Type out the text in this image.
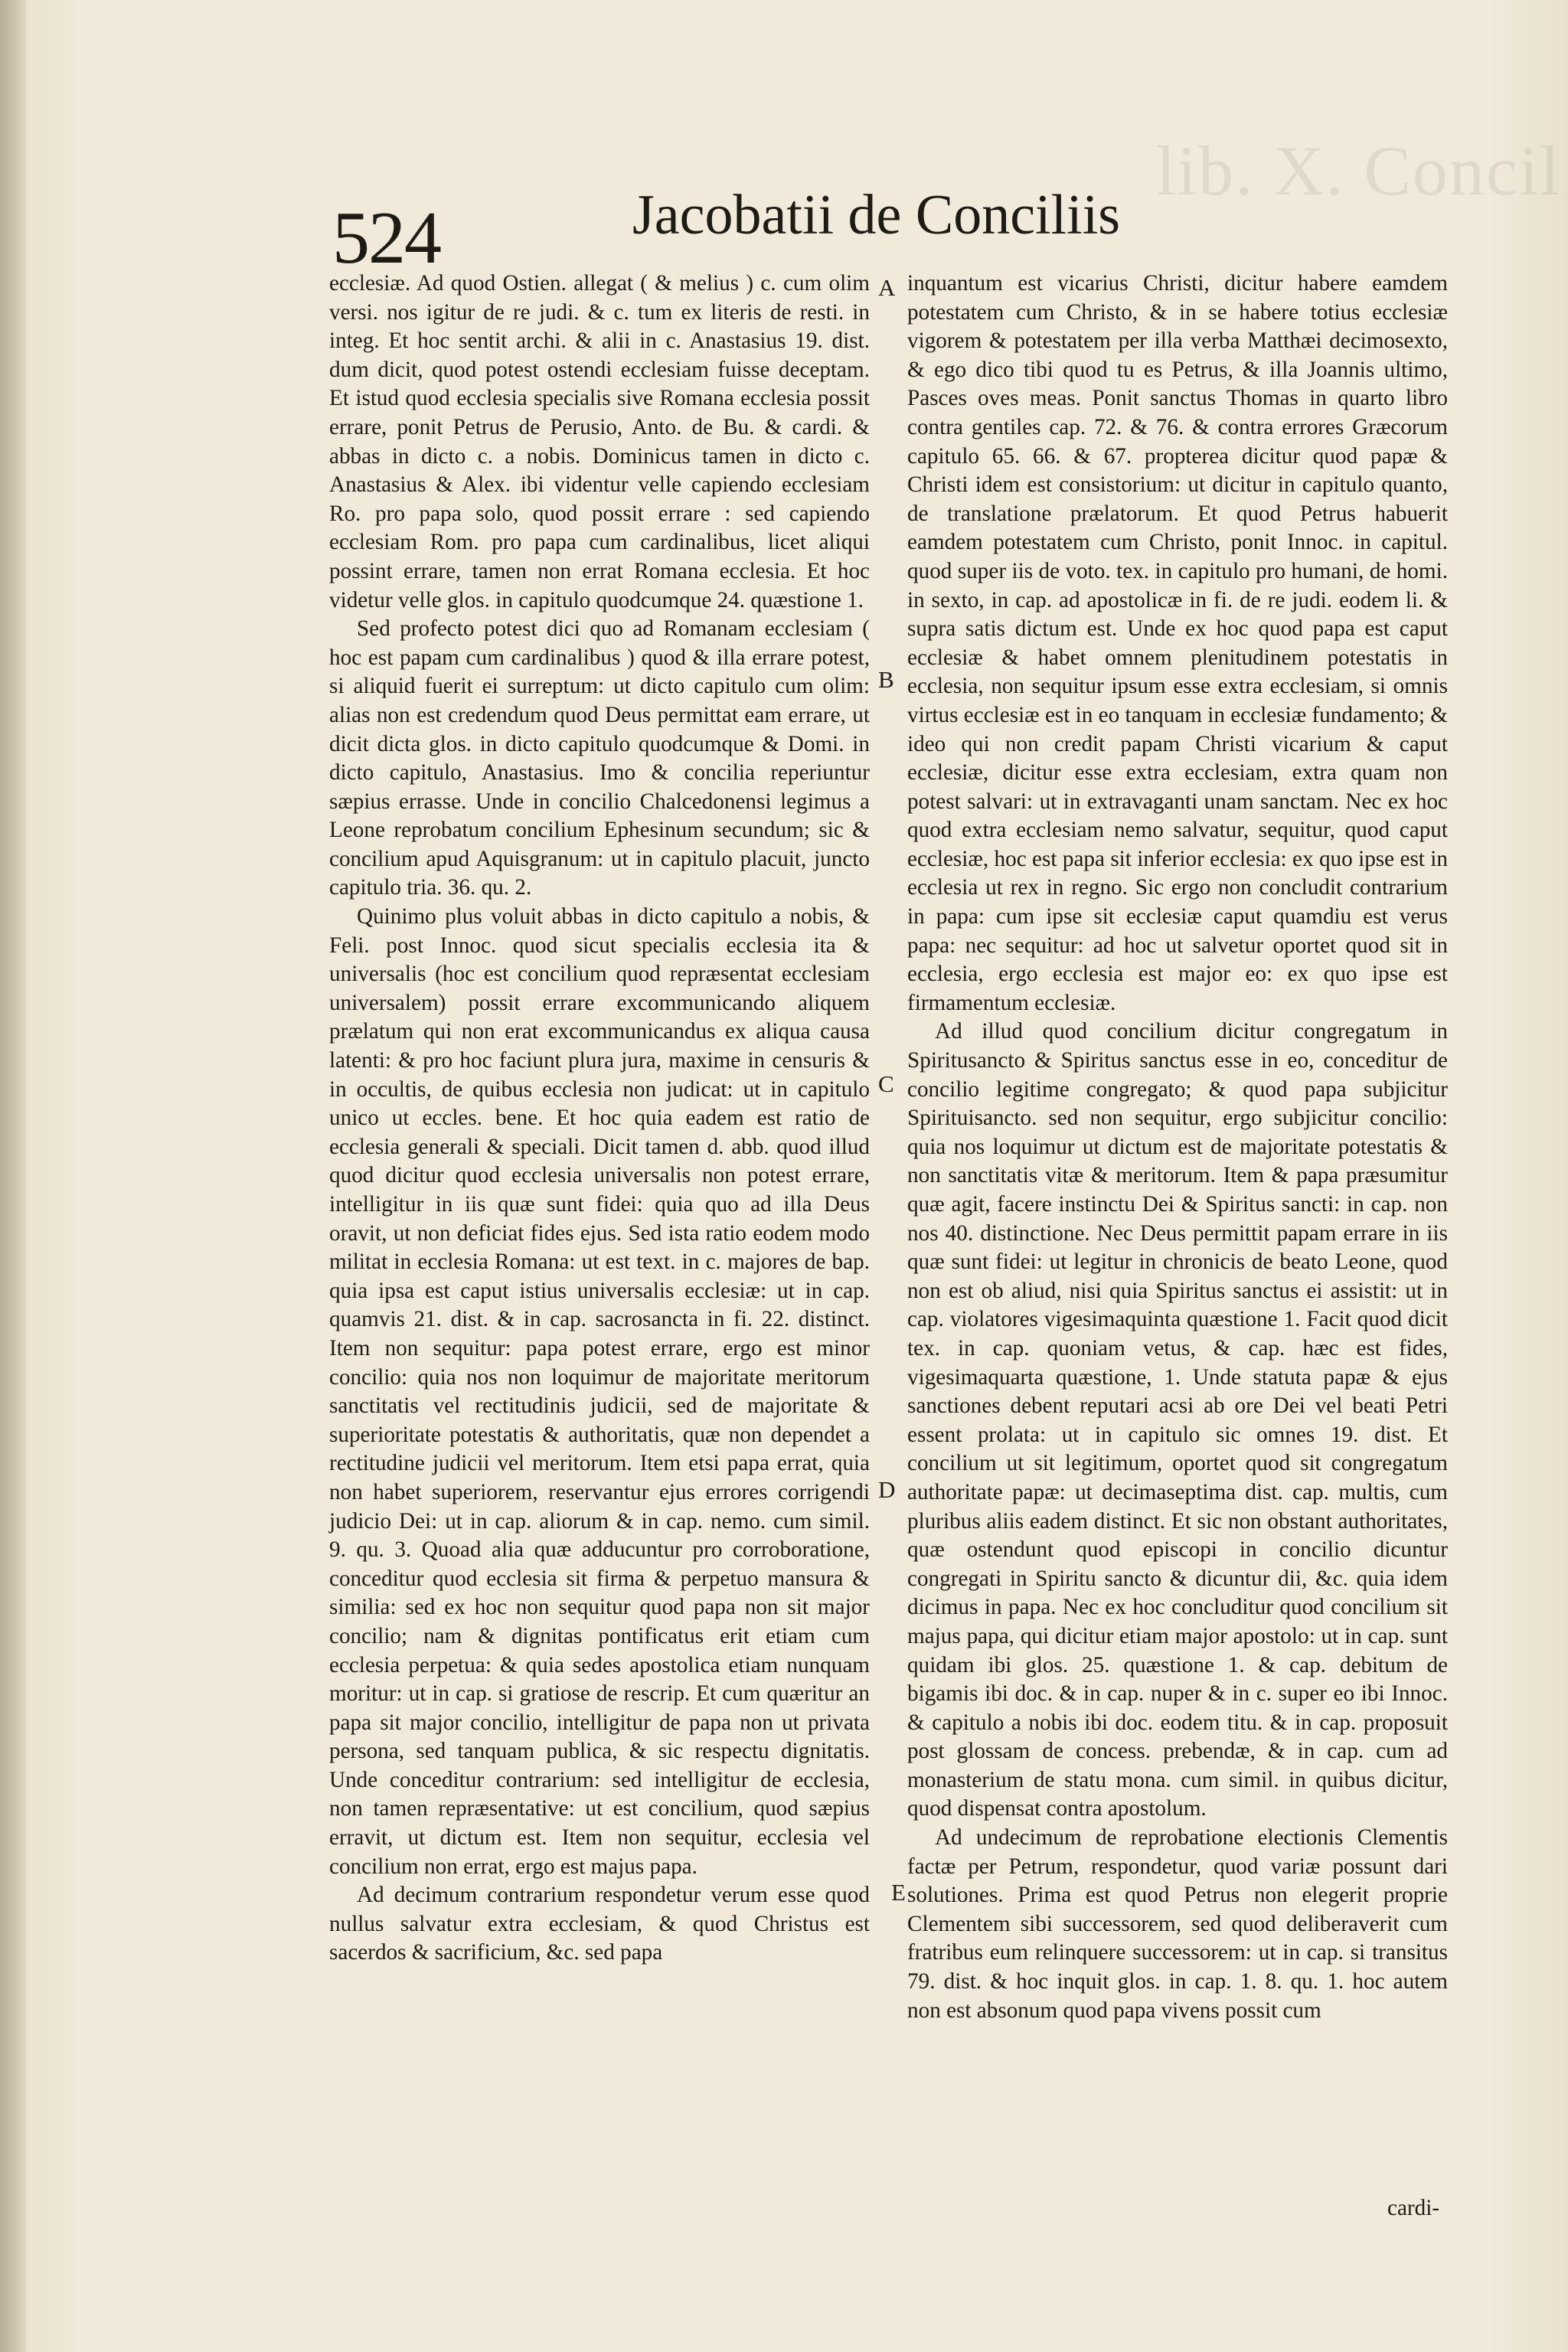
lib. X. Concil
524	Jacobatii de Conciliis

ecclesiæ. Ad quod Ostien. allegat ( & melius ) c. cum olim versi. nos igitur de re judi. & c. tum ex literis de resti. in integ. Et hoc sentit archi. & alii in c. Anastasius 19. dist. dum dicit, quod potest ostendi ecclesiam fuisse deceptam. Et istud quod ecclesia specialis sive Romana ecclesia possit errare, ponit Petrus de Perusio, Anto. de Bu. & cardi. & abbas in dicto c. a nobis. Dominicus tamen in dicto c. Anastasius & Alex. ibi videntur velle capiendo ecclesiam Ro. pro papa solo, quod possit errare : sed capiendo ecclesiam Rom. pro papa cum cardinalibus, licet aliqui possint errare, tamen non errat Romana ecclesia. Et hoc videtur velle glos. in capitulo quodcumque 24. quæstione 1.

Sed profecto potest dici quo ad Romanam ecclesiam ( hoc est papam cum cardinalibus ) quod & illa errare potest, si aliquid fuerit ei surreptum: ut dicto capitulo cum olim: alias non est credendum quod Deus permittat eam errare, ut dicit dicta glos. in dicto capitulo quodcumque & Domi. in dicto capitulo, Anastasius. Imo & concilia reperiuntur sæpius errasse. Unde in concilio Chalcedonensi legimus a Leone reprobatum concilium Ephesinum secundum; sic & concilium apud Aquisgranum: ut in capitulo placuit, juncto capitulo tria. 36. qu. 2.

Quinimo plus voluit abbas in dicto capitulo a nobis, & Feli. post Innoc. quod sicut specialis ecclesia ita & universalis (hoc est concilium quod repræsentat ecclesiam universalem) possit errare excommunicando aliquem prælatum qui non erat excommunicandus ex aliqua causa latenti: & pro hoc faciunt plura jura, maxime in censuris & in occultis, de quibus ecclesia non judicat: ut in capitulo unico ut eccles. bene. Et hoc quia eadem est ratio de ecclesia generali & speciali. Dicit tamen d. abb. quod illud quod dicitur quod ecclesia universalis non potest errare, intelligitur in iis quæ sunt fidei: quia quo ad illa Deus oravit, ut non deficiat fides ejus. Sed ista ratio eodem modo militat in ecclesia Romana: ut est text. in c. majores de bap. quia ipsa est caput istius universalis ecclesiæ: ut in cap. quamvis 21. dist. & in cap. sacrosancta in fi. 22. distinct. Item non sequitur: papa potest errare, ergo est minor concilio: quia nos non loquimur de majoritate meritorum sanctitatis vel rectitudinis judicii, sed de majoritate & superioritate potestatis & authoritatis, quæ non dependet a rectitudine judicii vel meritorum. Item etsi papa errat, quia non habet superiorem, reservantur ejus errores corrigendi judicio Dei: ut in cap. aliorum & in cap. nemo. cum simil. 9. qu. 3. Quoad alia quæ adducuntur pro corroboratione, conceditur quod ecclesia sit firma & perpetuo mansura & similia: sed ex hoc non sequitur quod papa non sit major concilio; nam & dignitas pontificatus erit etiam cum ecclesia perpetua: & quia sedes apostolica etiam nunquam moritur: ut in cap. si gratiose de rescrip. Et cum quæritur an papa sit major concilio, intelligitur de papa non ut privata persona, sed tanquam publica, & sic respectu dignitatis. Unde conceditur contrarium: sed intelligitur de ecclesia, non tamen repræsentative: ut est concilium, quod sæpius erravit, ut dictum est. Item non sequitur, ecclesia vel concilium non errat, ergo est majus papa.

Ad decimum contrarium respondetur verum esse quod nullus salvatur extra ecclesiam, & quod Christus est sacerdos & sacrificium, &c. sed papa

A
B
C
D
E

inquantum est vicarius Christi, dicitur habere eamdem potestatem cum Christo, & in se habere totius ecclesiæ vigorem & potestatem per illa verba Matthæi decimosexto, & ego dico tibi quod tu es Petrus, & illa Joannis ultimo, Pasces oves meas. Ponit sanctus Thomas in quarto libro contra gentiles cap. 72. & 76. & contra errores Græcorum capitulo 65. 66. & 67. propterea dicitur quod papæ & Christi idem est consistorium: ut dicitur in capitulo quanto, de translatione prælatorum. Et quod Petrus habuerit eamdem potestatem cum Christo, ponit Innoc. in capitul. quod super iis de voto. tex. in capitulo pro humani, de homi. in sexto, in cap. ad apostolicæ in fi. de re judi. eodem li. & supra satis dictum est. Unde ex hoc quod papa est caput ecclesiæ & habet omnem plenitudinem potestatis in ecclesia, non sequitur ipsum esse extra ecclesiam, si omnis virtus ecclesiæ est in eo tanquam in ecclesiæ fundamento; & ideo qui non credit papam Christi vicarium & caput ecclesiæ, dicitur esse extra ecclesiam, extra quam non potest salvari: ut in extravaganti unam sanctam. Nec ex hoc quod extra ecclesiam nemo salvatur, sequitur, quod caput ecclesiæ, hoc est papa sit inferior ecclesia: ex quo ipse est in ecclesia ut rex in regno. Sic ergo non concludit contrarium in papa: cum ipse sit ecclesiæ caput quamdiu est verus papa: nec sequitur: ad hoc ut salvetur oportet quod sit in ecclesia, ergo ecclesia est major eo: ex quo ipse est firmamentum ecclesiæ.

Ad illud quod concilium dicitur congregatum in Spiritusancto & Spiritus sanctus esse in eo, conceditur de concilio legitime congregato; & quod papa subjicitur Spirituisancto. sed non sequitur, ergo subjicitur concilio: quia nos loquimur ut dictum est de majoritate potestatis & non sanctitatis vitæ & meritorum. Item & papa præsumitur quæ agit, facere instinctu Dei & Spiritus sancti: in cap. non nos 40. distinctione. Nec Deus permittit papam errare in iis quæ sunt fidei: ut legitur in chronicis de beato Leone, quod non est ob aliud, nisi quia Spiritus sanctus ei assistit: ut in cap. violatores vigesimaquinta quæstione 1. Facit quod dicit tex. in cap. quoniam vetus, & cap. hæc est fides, vigesimaquarta quæstione, 1. Unde statuta papæ & ejus sanctiones debent reputari acsi ab ore Dei vel beati Petri essent prolata: ut in capitulo sic omnes 19. dist. Et concilium ut sit legitimum, oportet quod sit congregatum authoritate papæ: ut decimaseptima dist. cap. multis, cum pluribus aliis eadem distinct. Et sic non obstant authoritates, quæ ostendunt quod episcopi in concilio dicuntur congregati in Spiritu sancto & dicuntur dii, &c. quia idem dicimus in papa. Nec ex hoc concluditur quod concilium sit majus papa, qui dicitur etiam major apostolo: ut in cap. sunt quidam ibi glos. 25. quæstione 1. & cap. debitum de bigamis ibi doc. & in cap. nuper & in c. super eo ibi Innoc. & capitulo a nobis ibi doc. eodem titu. & in cap. proposuit post glossam de concess. prebendæ, & in cap. cum ad monasterium de statu mona. cum simil. in quibus dicitur, quod dispensat contra apostolum.

Ad undecimum de reprobatione electionis Clementis factæ per Petrum, respondetur, quod variæ possunt dari solutiones. Prima est quod Petrus non elegerit proprie Clementem sibi successorem, sed quod deliberaverit cum fratribus eum relinquere successorem: ut in cap. si transitus 79. dist. & hoc inquit glos. in cap. 1. 8. qu. 1. hoc autem non est absonum quod papa vivens possit cum

cardi-
